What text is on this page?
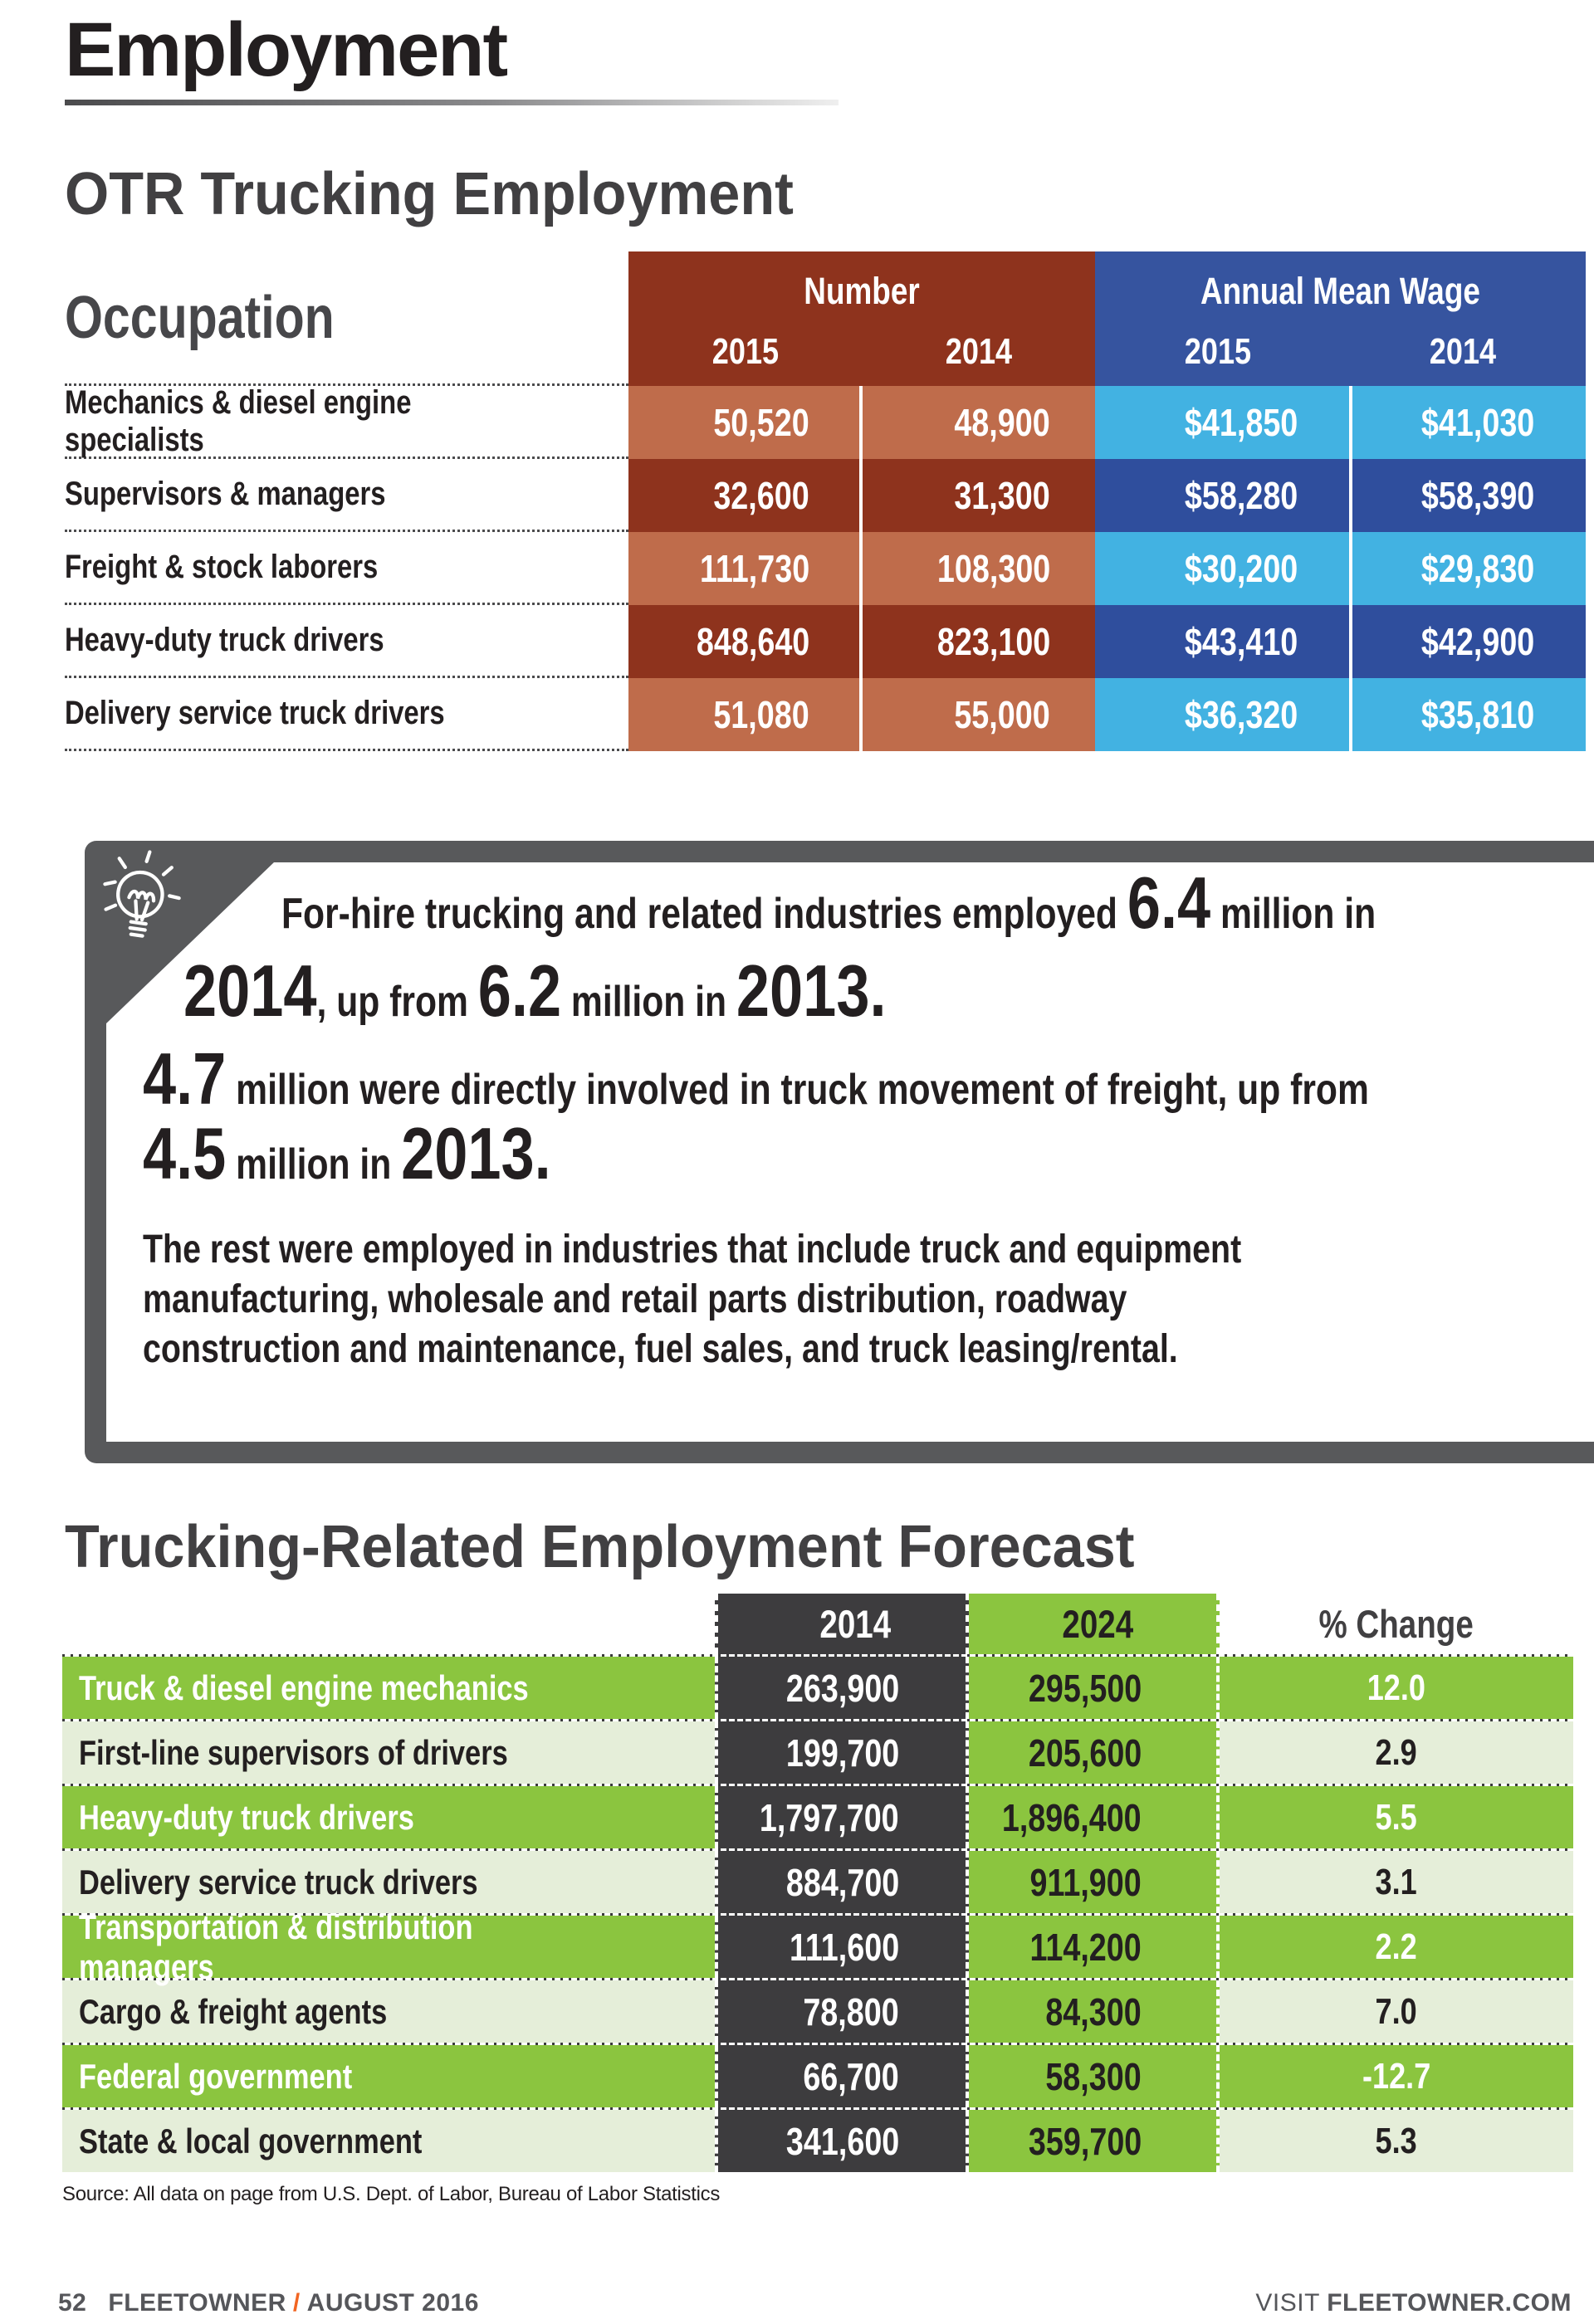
Employment
OTR Trucking Employment
Occupation	Number
2015	2014
Annual Mean Wage
2015	2014
Mechanics & diesel engine specialists	50,520	48,900	$41,850	$41,030
Supervisors & managers	32,600	31,300	$58,280	$58,390
Freight & stock laborers	111,730	108,300	$30,200	$29,830
Heavy-duty truck drivers	848,640	823,100	$43,410	$42,900
Delivery service truck drivers	51,080	55,000	$36,320	$35,810
For-hire trucking and related industries employed 6.4 million in
2014, up from 6.2 million in 2013.
4.7 million were directly involved in truck movement of freight, up from
4.5 million in 2013.
The rest were employed in industries that include truck and equipment
manufacturing, wholesale and retail parts distribution, roadway
construction and maintenance, fuel sales, and truck leasing/rental.
Trucking-Related Employment Forecast
2014	2024	% Change
Truck & diesel engine mechanics	263,900	295,500	12.0
First-line supervisors of drivers	199,700	205,600	2.9
Heavy-duty truck drivers	1,797,700	1,896,400	5.5
Delivery service truck drivers	884,700	911,900	3.1
Transportation & distribution managers	111,600	114,200	2.2
Cargo & freight agents	78,800	84,300	7.0
Federal government	66,700	58,300	-12.7
State & local government	341,600	359,700	5.3
Source: All data on page from U.S. Dept. of Labor, Bureau of Labor Statistics
52 FLEETOWNER / AUGUST 2016	VISIT FLEETOWNER.COM
